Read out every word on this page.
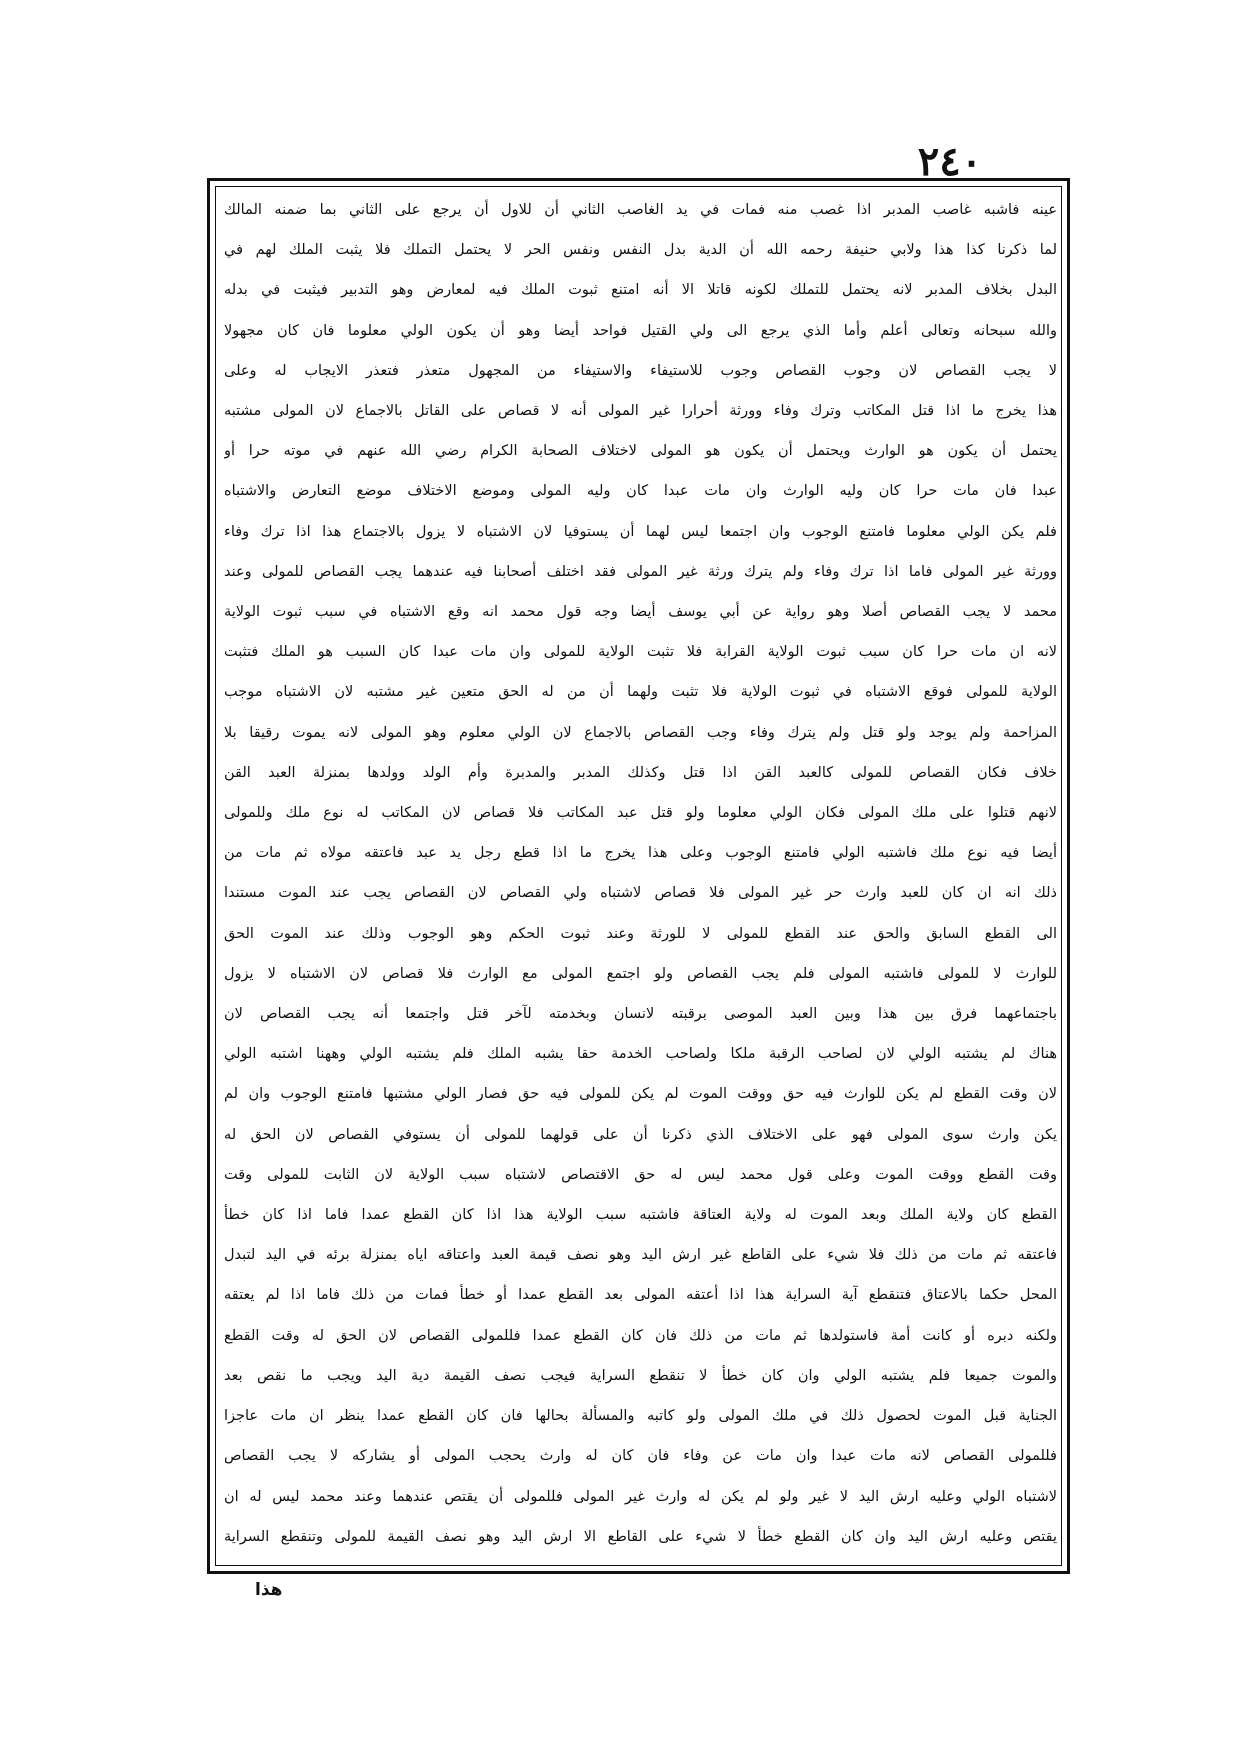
٢٤٠
عينه فاشبه غاصب المدبر اذا غصب منه فمات في يد الغاصب الثاني أن للاول أن يرجع على الثاني بما ضمنه المالك
لما ذكرنا كذا هذا ولابي حنيفة رحمه الله أن الدية بدل النفس ونفس الحر لا يحتمل التملك فلا يثبت الملك لهم في
البدل بخلاف المدبر لانه يحتمل للتملك لكونه قاتلا الا أنه امتنع ثبوت الملك فيه لمعارض وهو التدبير فيثبت في بدله
والله سبحانه وتعالى أعلم وأما الذي يرجع الى ولي القتيل فواحد أيضا وهو أن يكون الولي معلوما فان كان مجهولا
لا يجب القصاص لان وجوب القصاص وجوب للاستيفاء والاستيفاء من المجهول متعذر فتعذر الايجاب له وعلى
هذا يخرج ما اذا قتل المكاتب وترك وفاء وورثة أحرارا غير المولى أنه لا قصاص على القاتل بالاجماع لان المولى مشتبه
يحتمل أن يكون هو الوارث ويحتمل أن يكون هو المولى لاختلاف الصحابة الكرام رضي الله عنهم في موته حرا أو
عبدا فان مات حرا كان وليه الوارث وان مات عبدا كان وليه المولى وموضع الاختلاف موضع التعارض والاشتباه
فلم يكن الولي معلوما فامتنع الوجوب وان اجتمعا ليس لهما أن يستوفيا لان الاشتباه لا يزول بالاجتماع هذا اذا ترك وفاء
وورثة غير المولى فاما اذا ترك وفاء ولم يترك ورثة غير المولى فقد اختلف أصحابنا فيه عندهما يجب القصاص للمولى وعند
محمد لا يجب القصاص أصلا وهو رواية عن أبي يوسف أيضا وجه قول محمد انه وقع الاشتباه في سبب ثبوت الولاية
لانه ان مات حرا كان سبب ثبوت الولاية القرابة فلا تثبت الولاية للمولى وان مات عبدا كان السبب هو الملك فتثبت
الولاية للمولى فوقع الاشتباه في ثبوت الولاية فلا تثبت ولهما أن من له الحق متعين غير مشتبه لان الاشتباه موجب
المزاحمة ولم يوجد ولو قتل ولم يترك وفاء وجب القصاص بالاجماع لان الولي معلوم وهو المولى لانه يموت رقيقا بلا
خلاف فكان القصاص للمولى كالعبد القن اذا قتل وكذلك المدبر والمدبرة وأم الولد وولدها بمنزلة العبد القن
لانهم قتلوا على ملك المولى فكان الولي معلوما ولو قتل عبد المكاتب فلا قصاص لان المكاتب له نوع ملك وللمولى
أيضا فيه نوع ملك فاشتبه الولي فامتنع الوجوب وعلى هذا يخرج ما اذا قطع رجل يد عبد فاعتقه مولاه ثم مات من
ذلك انه ان كان للعبد وارث حر غير المولى فلا قصاص لاشتباه ولي القصاص لان القصاص يجب عند الموت مستندا
الى القطع السابق والحق عند القطع للمولى لا للورثة وعند ثبوت الحكم وهو الوجوب وذلك عند الموت الحق
للوارث لا للمولى فاشتبه المولى فلم يجب القصاص ولو اجتمع المولى مع الوارث فلا قصاص لان الاشتباه لا يزول
باجتماعهما فرق بين هذا وبين العبد الموصى برقبته لانسان وبخدمته لآخر قتل واجتمعا أنه يجب القصاص لان
هناك لم يشتبه الولي لان لصاحب الرقبة ملكا ولصاحب الخدمة حقا يشبه الملك فلم يشتبه الولي وههنا اشتبه الولي
لان وقت القطع لم يكن للوارث فيه حق ووقت الموت لم يكن للمولى فيه حق فصار الولي مشتبها فامتنع الوجوب وان لم
يكن وارث سوى المولى فهو على الاختلاف الذي ذكرنا أن على قولهما للمولى أن يستوفي القصاص لان الحق له
وقت القطع ووقت الموت وعلى قول محمد ليس له حق الاقتصاص لاشتباه سبب الولاية لان الثابت للمولى وقت
القطع كان ولاية الملك وبعد الموت له ولاية العتاقة فاشتبه سبب الولاية هذا اذا كان القطع عمدا فاما اذا كان خطأ
فاعتقه ثم مات من ذلك فلا شيء على القاطع غير ارش اليد وهو نصف قيمة العبد واعتاقه اياه بمنزلة برئه في اليد لتبدل
المحل حكما بالاعتاق فتنقطع آية السراية هذا اذا أعتقه المولى بعد القطع عمدا أو خطأ فمات من ذلك فاما اذا لم يعتقه
ولكنه دبره أو كانت أمة فاستولدها ثم مات من ذلك فان كان القطع عمدا فللمولى القصاص لان الحق له وقت القطع
والموت جميعا فلم يشتبه الولي وان كان خطأ لا تنقطع السراية فيجب نصف القيمة دية اليد ويجب ما نقص بعد
الجناية قبل الموت لحصول ذلك في ملك المولى ولو كاتبه والمسألة بحالها فان كان القطع عمدا ينظر ان مات عاجزا
فللمولى القصاص لانه مات عبدا وان مات عن وفاء فان كان له وارث يحجب المولى أو يشاركه لا يجب القصاص
لاشتباه الولي وعليه ارش اليد لا غير ولو لم يكن له وارث غير المولى فللمولى أن يقتص عندهما وعند محمد ليس له ان
يقتص وعليه ارش اليد وان كان القطع خطأ لا شيء على القاطع الا ارش اليد وهو نصف القيمة للمولى وتنقطع السراية
هذا
